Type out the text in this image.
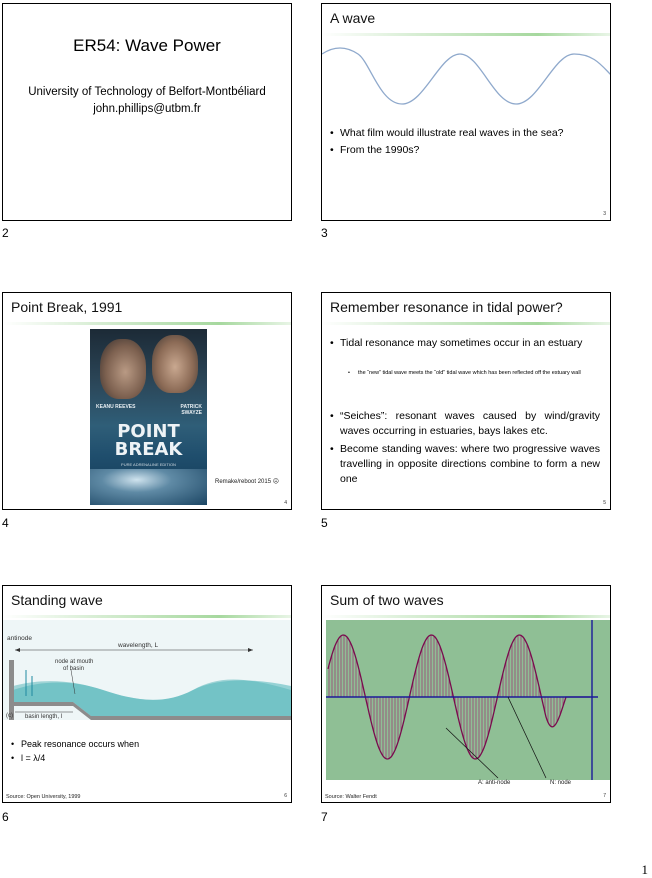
ER54: Wave Power
University of Technology of Belfort-Montbéliard
john.phillips@utbm.fr
2
A wave
• What film would illustrate real waves in the sea?
• From the 1990s?
3
3
Point Break, 1991
KEANU REEVES	PATRICK SWAYZE
POINT
BREAK
PURE ADRENALINE EDITION
Remake/reboot 2015 ☹
4
4
Remember resonance in tidal power?
• Tidal resonance may sometimes occur in an estuary
• the “new” tidal wave meets the “old” tidal wave which has been reflected off the estuary wall
• “Seiches”: resonant waves caused by wind/gravity waves occurring in estuaries, bays lakes etc.
• Become standing waves: where two progressive waves travelling in opposite directions combine to form a new one
5
5
Standing wave
antinode
wavelength, L
node at mouth
of basin
basin length, l
(c)
• Peak resonance occurs when
• l = λ/4
Source: Open University, 1999	6
6
Sum of two waves
A: anti-node	N: node
Source: Walter Fendt	7
7
1
